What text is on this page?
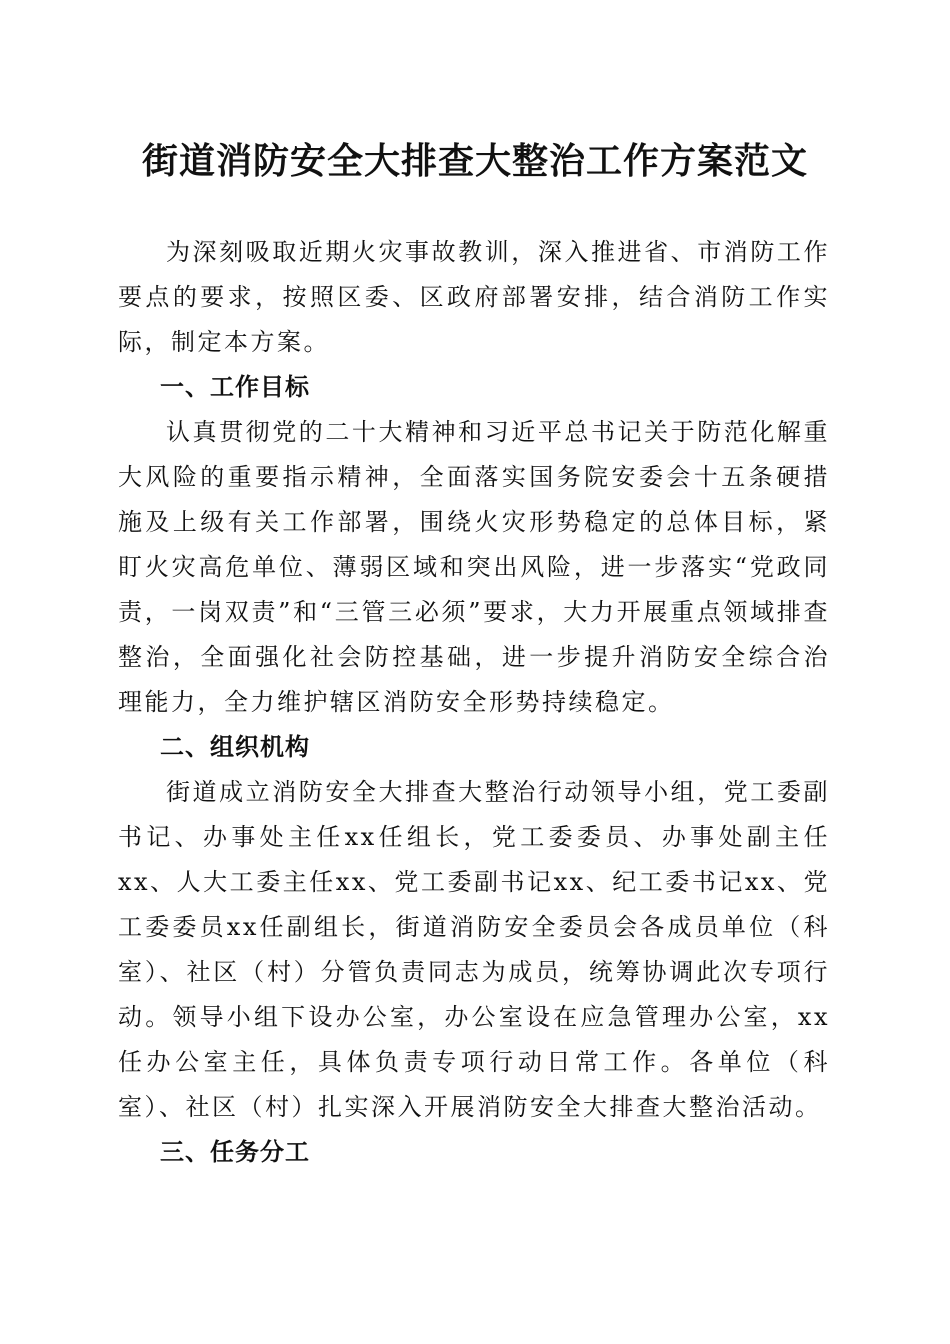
街道消防安全大排查大整治工作方案范文

为深刻吸取近期火灾事故教训，深入推进省、市消防工作要点的要求，按照区委、区政府部署安排，结合消防工作实际，制定本方案。

一、工作目标

认真贯彻党的二十大精神和习近平总书记关于防范化解重大风险的重要指示精神，全面落实国务院安委会十五条硬措施及上级有关工作部署，围绕火灾形势稳定的总体目标，紧盯火灾高危单位、薄弱区域和突出风险，进一步落实“党政同责，一岗双责”和“三管三必须”要求，大力开展重点领域排查整治，全面强化社会防控基础，进一步提升消防安全综合治理能力，全力维护辖区消防安全形势持续稳定。

二、组织机构

街道成立消防安全大排查大整治行动领导小组，党工委副书记、办事处主任xx任组长，党工委委员、办事处副主任xx、人大工委主任xx、党工委副书记xx、纪工委书记xx、党工委委员xx任副组长，街道消防安全委员会各成员单位（科室）、社区（村）分管负责同志为成员，统筹协调此次专项行动。领导小组下设办公室，办公室设在应急管理办公室，xx任办公室主任，具体负责专项行动日常工作。各单位（科室）、社区（村）扎实深入开展消防安全大排查大整治活动。

三、任务分工
